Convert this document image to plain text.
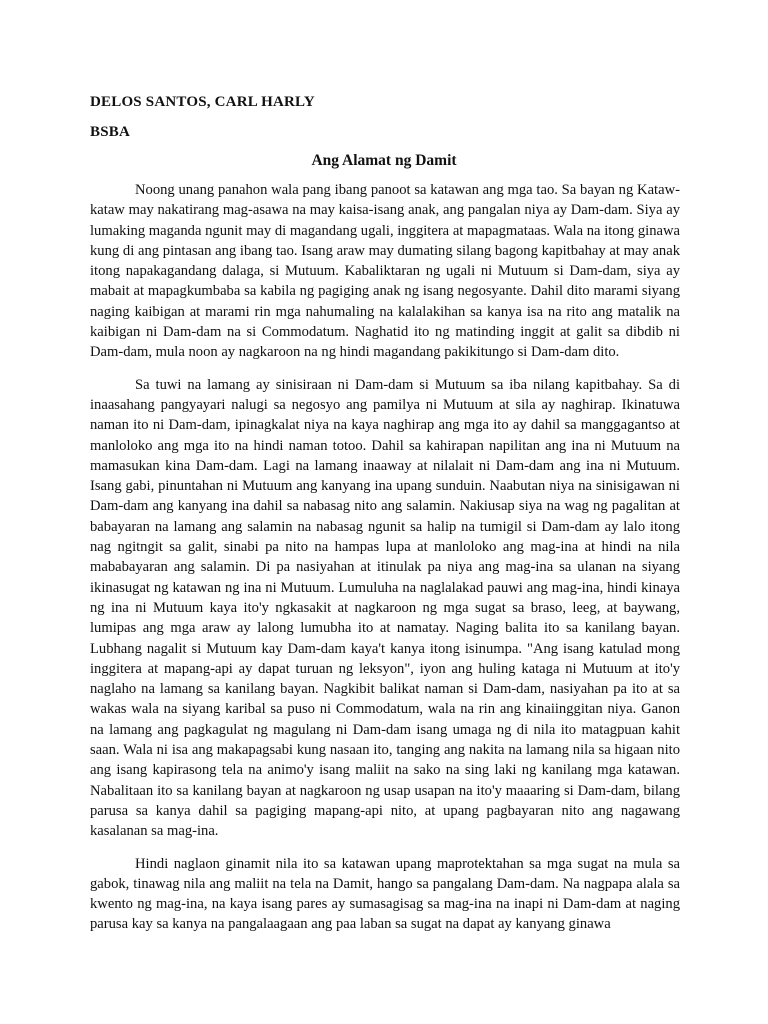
DELOS SANTOS, CARL HARLY

BSBA

Ang Alamat ng Damit

Noong unang panahon wala pang ibang panoot sa katawan ang mga tao. Sa bayan ng Kataw-kataw may nakatirang mag-asawa na may kaisa-isang anak, ang pangalan niya ay Dam-dam. Siya ay lumaking maganda ngunit may di magandang ugali, inggitera at mapagmataas. Wala na itong ginawa kung di ang pintasan ang ibang tao. Isang araw may dumating silang bagong kapitbahay at may anak itong napakagandang dalaga, si Mutuum. Kabaliktaran ng ugali ni Mutuum si Dam-dam, siya ay mabait at mapagkumbaba sa kabila ng pagiging anak ng isang negosyante. Dahil dito marami siyang naging kaibigan at marami rin mga nahumaling na kalalakihan sa kanya isa na rito ang matalik na kaibigan ni Dam-dam na si Commodatum. Naghatid ito ng matinding inggit at galit sa dibdib ni Dam-dam, mula noon ay nagkaroon na ng hindi magandang pakikitungo si Dam-dam dito.

Sa tuwi na lamang ay sinisiraan ni Dam-dam si Mutuum sa iba nilang kapitbahay. Sa di inaasahang pangyayari nalugi sa negosyo ang pamilya ni Mutuum at sila ay naghirap. Ikinatuwa naman ito ni Dam-dam, ipinagkalat niya na kaya naghirap ang mga ito ay dahil sa manggagantso at manloloko ang mga ito na hindi naman totoo. Dahil sa kahirapan napilitan ang ina ni Mutuum na mamasukan kina Dam-dam. Lagi na lamang inaaway at nilalait ni Dam-dam ang ina ni Mutuum. Isang gabi, pinuntahan ni Mutuum ang kanyang ina upang sunduin. Naabutan niya na sinisigawan ni Dam-dam ang kanyang ina dahil sa nabasag nito ang salamin. Nakiusap siya na wag ng pagalitan at babayaran na lamang ang salamin na nabasag ngunit sa halip na tumigil si Dam-dam ay lalo itong nag ngitngit sa galit, sinabi pa nito na hampas lupa at manloloko ang mag-ina at hindi na nila mababayaran ang salamin. Di pa nasiyahan at itinulak pa niya ang mag-ina sa ulanan na siyang ikinasugat ng katawan ng ina ni Mutuum. Lumuluha na naglalakad pauwi ang mag-ina, hindi kinaya ng ina ni Mutuum kaya ito'y ngkasakit at nagkaroon ng mga sugat sa braso, leeg, at baywang, lumipas ang mga araw ay lalong lumubha ito at namatay. Naging balita ito sa kanilang bayan. Lubhang nagalit si Mutuum kay Dam-dam kaya't kanya itong isinumpa. "Ang isang katulad mong inggitera at mapang-api ay dapat turuan ng leksyon", iyon ang huling kataga ni Mutuum at ito'y naglaho na lamang sa kanilang bayan. Nagkibit balikat naman si Dam-dam, nasiyahan pa ito at sa wakas wala na siyang karibal sa puso ni Commodatum, wala na rin ang kinaiinggitan niya. Ganon na lamang ang pagkagulat ng magulang ni Dam-dam isang umaga ng di nila ito matagpuan kahit saan. Wala ni isa ang makapagsabi kung nasaan ito, tanging ang nakita na lamang nila sa higaan nito ang isang kapirasong tela na animo'y isang maliit na sako na sing laki ng kanilang mga katawan. Nabalitaan ito sa kanilang bayan at nagkaroon ng usap usapan na ito'y maaaring si Dam-dam, bilang parusa sa kanya dahil sa pagiging mapang-api nito, at upang pagbayaran nito ang nagawang kasalanan sa mag-ina.

Hindi naglaon ginamit nila ito sa katawan upang maprotektahan sa mga sugat na mula sa gabok, tinawag nila ang maliit na tela na Damit, hango sa pangalang Dam-dam. Na nagpapa alala sa kwento ng mag-ina, na kaya isang pares ay sumasagisag sa mag-ina na inapi ni Dam-dam at naging parusa kay sa kanya na pangalaagaan ang paa laban sa sugat na dapat ay kanyang ginawa
